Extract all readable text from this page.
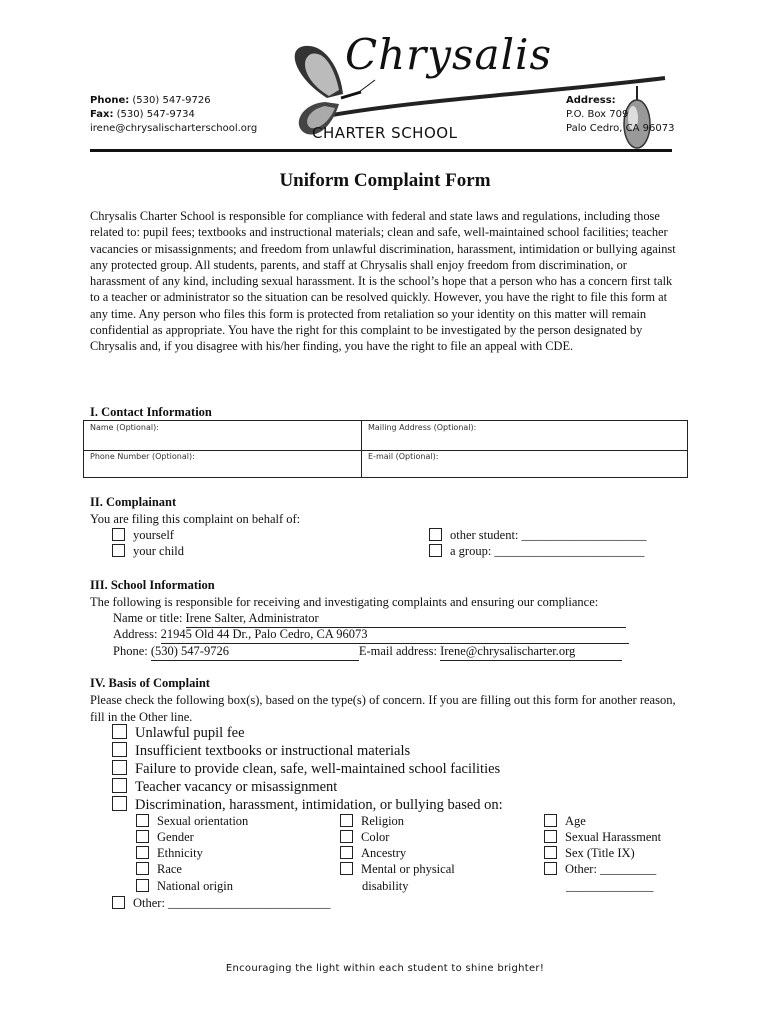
Phone: (530) 547-9726
Fax: (530) 547-9734
irene@chrysalischarterschool.org
Chrysalis
CHARTER SCHOOL
Address:
P.O. Box 709
Palo Cedro, CA 96073
Uniform Complaint Form
Chrysalis Charter School is responsible for compliance with federal and state laws and regulations, including those related to: pupil fees; textbooks and instructional materials; clean and safe, well-maintained school facilities; teacher vacancies or misassignments; and freedom from unlawful discrimination, harassment, intimidation or bullying against any protected group. All students, parents, and staff at Chrysalis shall enjoy freedom from discrimination, or harassment of any kind, including sexual harassment. It is the school’s hope that a person who has a concern first talk to a teacher or administrator so the situation can be resolved quickly. However, you have the right to file this form at any time. Any person who files this form is protected from retaliation so your identity on this matter will remain confidential as appropriate. You have the right for this complaint to be investigated by the person designated by Chrysalis and, if you disagree with his/her finding, you have the right to file an appeal with CDE.
I. Contact Information
Name (Optional):	Mailing Address (Optional):
Phone Number (Optional):	E-mail (Optional):
II. Complainant
You are filing this complaint on behalf of:
yourself
your child
other student: ____________________
a group: ________________________
III. School Information
The following is responsible for receiving and investigating complaints and ensuring our compliance:
Name or title: Irene Salter, Administrator
Address: 21945 Old 44 Dr., Palo Cedro, CA 96073
Phone: (530) 547-9726	E-mail address: Irene@chrysalischarter.org
IV. Basis of Complaint
Please check the following box(s), based on the type(s) of concern. If you are filling out this form for another reason, fill in the Other line.
Unlawful pupil fee
Insufficient textbooks or instructional materials
Failure to provide clean, safe, well-maintained school facilities
Teacher vacancy or misassignment
Discrimination, harassment, intimidation, or bullying based on:
Sexual orientation
Gender
Ethnicity
Race
National origin
Religion
Color
Ancestry
Mental or physical
disability
Age
Sexual Harassment
Sex (Title IX)
Other: _________
______________
Other: __________________________
Encouraging the light within each student to shine brighter!
